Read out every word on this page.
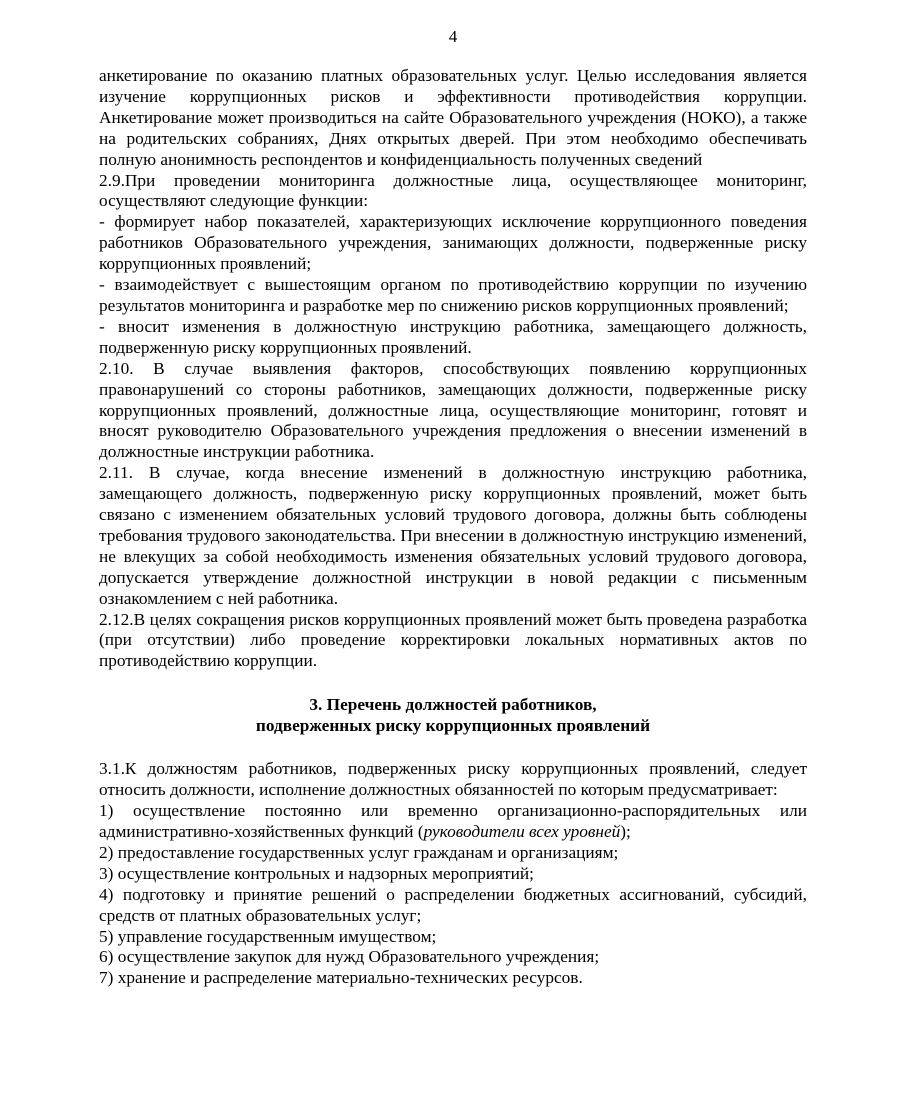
4

анкетирование по оказанию платных образовательных услуг. Целью исследования является изучение коррупционных рисков и эффективности противодействия коррупции. Анкетирование может производиться на сайте Образовательного учреждения (НОКО), а также на родительских собраниях, Днях открытых дверей. При этом необходимо обеспечивать полную анонимность респондентов и конфиденциальность полученных сведений

2.9.При проведении мониторинга должностные лица, осуществляющее мониторинг, осуществляют следующие функции:

- формирует набор показателей, характеризующих исключение коррупционного поведения работников Образовательного учреждения, занимающих должности, подверженные риску коррупционных проявлений;

- взаимодействует с вышестоящим органом по противодействию коррупции по изучению результатов мониторинга и разработке мер по снижению рисков коррупционных проявлений;

- вносит изменения в должностную инструкцию работника, замещающего должность, подверженную риску коррупционных проявлений.

2.10. В случае выявления факторов, способствующих появлению коррупционных правонарушений со стороны работников, замещающих должности, подверженные риску коррупционных проявлений, должностные лица, осуществляющие мониторинг, готовят и вносят руководителю Образовательного учреждения предложения о внесении изменений в должностные инструкции работника.

2.11. В случае, когда внесение изменений в должностную инструкцию работника, замещающего должность, подверженную риску коррупционных проявлений, может быть связано с изменением обязательных условий трудового договора, должны быть соблюдены требования трудового законодательства. При внесении в должностную инструкцию изменений, не влекущих за собой необходимость изменения обязательных условий трудового договора, допускается утверждение должностной инструкции в новой редакции с письменным ознакомлением с ней работника.

2.12.В целях сокращения рисков коррупционных проявлений может быть проведена разработка (при отсутствии) либо проведение корректировки локальных нормативных актов по противодействию коррупции.

3. Перечень должностей работников,

подверженных риску коррупционных проявлений

3.1.К должностям работников, подверженных риску коррупционных проявлений, следует относить должности, исполнение должностных обязанностей по которым предусматривает:

1) осуществление постоянно или временно организационно-распорядительных или административно-хозяйственных функций (руководители всех уровней);

2) предоставление государственных услуг гражданам и организациям;

3) осуществление контрольных и надзорных мероприятий;

4) подготовку и принятие решений о распределении бюджетных ассигнований, субсидий, средств от платных образовательных услуг;

5) управление государственным имуществом;

6) осуществление закупок для нужд Образовательного учреждения;

7) хранение и распределение материально-технических ресурсов.
